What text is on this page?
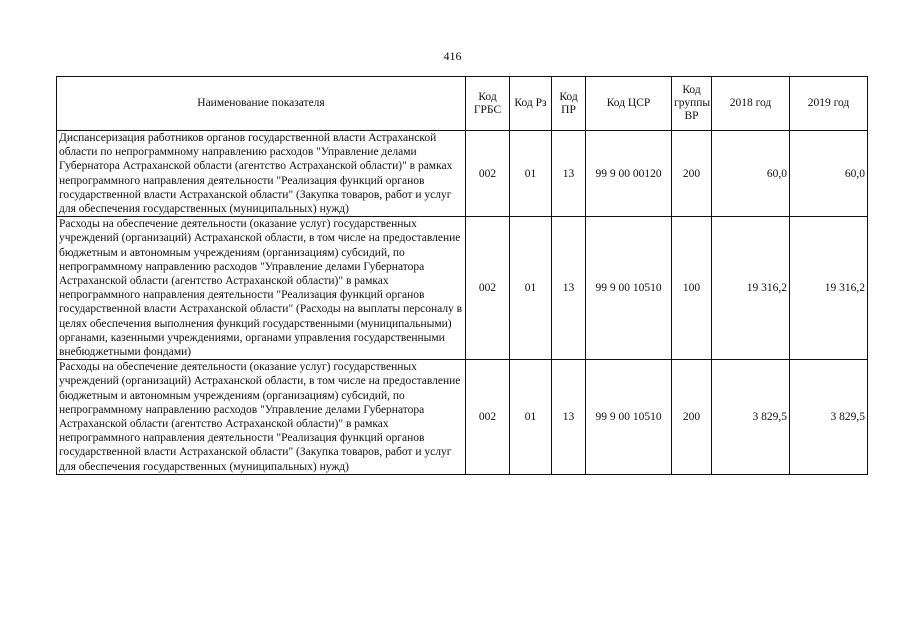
416
Наименование показателя	Код ГРБС	Код Рз	Код ПР	Код ЦСР	Код группы ВР	2018 год	2019 год
Диспансеризация работников органов государственной власти Астраханской области по непрограммному направлению расходов "Управление делами Губернатора Астраханской области (агентство Астраханской области)" в рамках непрограммного направления деятельности "Реализация функций органов государственной власти Астраханской области" (Закупка товаров, работ и услуг для обеспечения государственных (муниципальных) нужд)	002	01	13	99 9 00 00120	200	60,0	60,0
Расходы на обеспечение деятельности (оказание услуг) государственных учреждений (организаций) Астраханской области, в том числе на предоставление бюджетным и автономным учреждениям (организациям) субсидий, по непрограммному направлению расходов "Управление делами Губернатора Астраханской области (агентство Астраханской области)" в рамках непрограммного направления деятельности "Реализация функций органов государственной власти Астраханской области" (Расходы на выплаты персоналу в целях обеспечения выполнения функций государственными (муниципальными) органами, казенными учреждениями, органами управления государственными внебюджетными фондами)	002	01	13	99 9 00 10510	100	19 316,2	19 316,2
Расходы на обеспечение деятельности (оказание услуг) государственных учреждений (организаций) Астраханской области, в том числе на предоставление бюджетным и автономным учреждениям (организациям) субсидий, по непрограммному направлению расходов "Управление делами Губернатора Астраханской области (агентство Астраханской области)" в рамках непрограммного направления деятельности "Реализация функций органов государственной власти Астраханской области" (Закупка товаров, работ и услуг для обеспечения государственных (муниципальных) нужд)	002	01	13	99 9 00 10510	200	3 829,5	3 829,5
